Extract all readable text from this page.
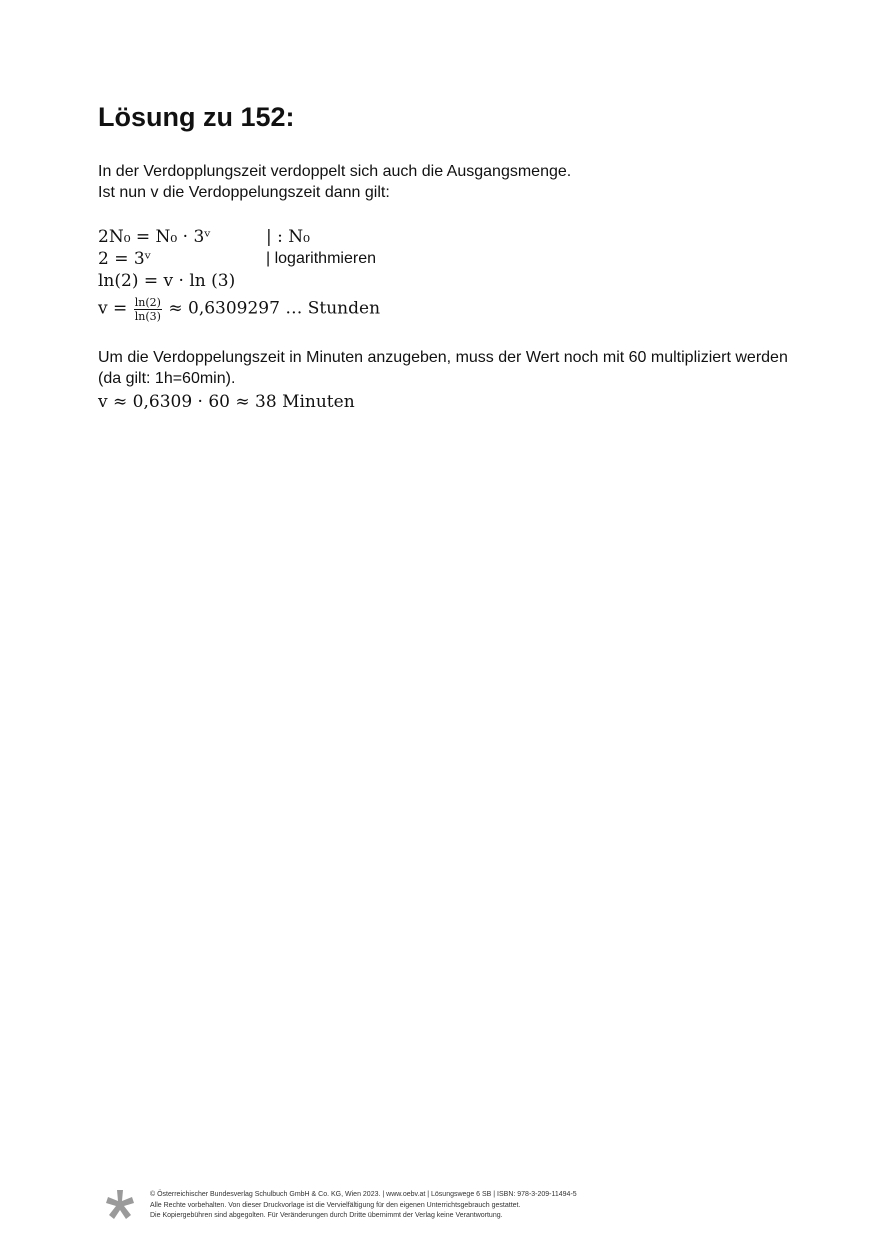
Lösung zu 152:
In der Verdopplungszeit verdoppelt sich auch die Ausgangsmenge.
Ist nun v die Verdoppelungszeit dann gilt:
2N₀ = N₀ · 3ᵛ	| : N₀
2 = 3ᵛ	| logarithmieren
ln(2) = v · ln (3)
$v = \frac{\ln(2)}{\ln(3)} \approx 0,6309297$ … Stunden
Um die Verdoppelungszeit in Minuten anzugeben, muss der Wert noch mit 60 multipliziert werden
(da gilt: 1h=60min).
v ≈ 0,6309 · 60 ≈ 38 Minuten
© Österreichischer Bundesverlag Schulbuch GmbH & Co. KG, Wien 2023. | www.oebv.at | Lösungswege 6 SB | ISBN: 978-3-209-11494-5
Alle Rechte vorbehalten. Von dieser Druckvorlage ist die Vervielfältigung für den eigenen Unterrichtsgebrauch gestattet.
Die Kopiergebühren sind abgegolten. Für Veränderungen durch Dritte übernimmt der Verlag keine Verantwortung.
